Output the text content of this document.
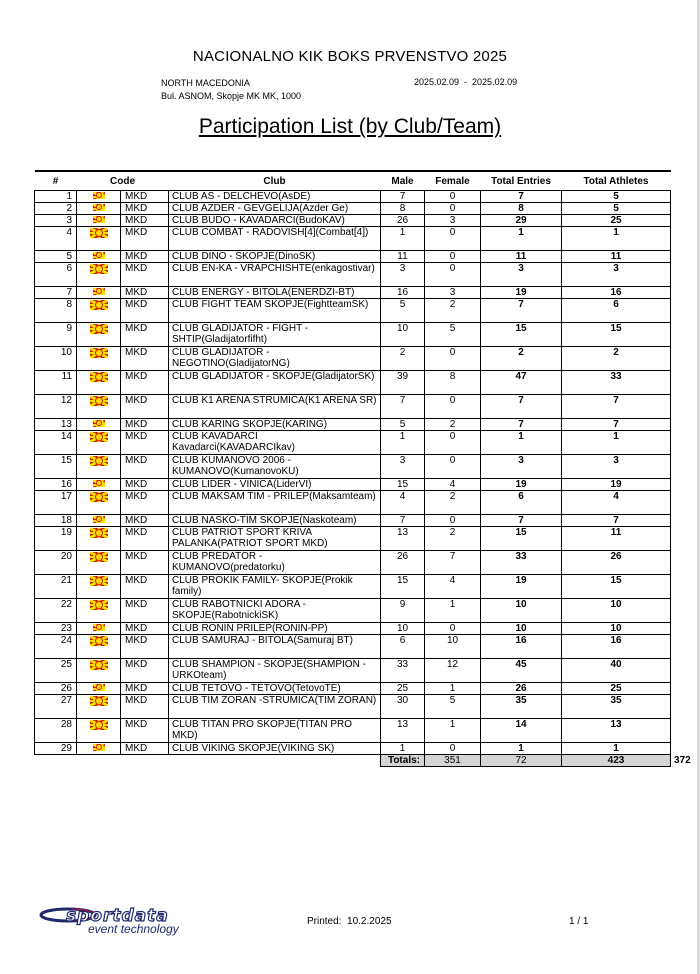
NACIONALNO KIK BOKS PRVENSTVO 2025
NORTH MACEDONIA
Bul. ASNOM, Skopje MK MK, 1000
2025.02.09  -  2025.02.09
Participation List (by Club/Team)
#	Code		Club	Male	Female	Total Entries	Total Athletes	
1		MKD	CLUB AS - DELCHEVO(AsDE)	7	0	7	5	
2		MKD	CLUB AZDER - GEVGELIJA(Azder Ge)	8	0	8	5	
3		MKD	CLUB BUDO - KAVADARCI(BudoKAV)	26	3	29	25	
4		MKD	CLUB COMBAT - RADOVISH[4](Combat[4])	1	0	1	1	
5		MKD	CLUB DINO - SKOPJE(DinoSK)	11	0	11	11	
6		MKD	CLUB EN-KA - VRAPCHISHTE(enkagostivar)	3	0	3	3	
7		MKD	CLUB ENERGY - BITOLA(ENERDZI-BT)	16	3	19	16	
8		MKD	CLUB FIGHT TEAM SKOPJE(FightteamSK)	5	2	7	6	
9		MKD	CLUB GLADIJATOR - FIGHT - SHTIP(Gladijatorfifht)	10	5	15	15	
10		MKD	CLUB GLADIJATOR - NEGOTINO(GladijatorNG)	2	0	2	2	
11		MKD	CLUB GLADIJATOR - SKOPJE(GladijatorSK)	39	8	47	33	
12		MKD	CLUB K1 ARENA STRUMICA(K1 ARENA SR)	7	0	7	7	
13		MKD	CLUB KARING SKOPJE(KARING)	5	2	7	7	
14		MKD	CLUB KAVADARCI Kavadarci(KAVADARCIkav)	1	0	1	1	
15		MKD	CLUB KUMANOVO 2006 - KUMANOVO(KumanovoKU)	3	0	3	3	
16		MKD	CLUB LIDER - VINICA(LiderVI)	15	4	19	19	
17		MKD	CLUB MAKSAM TIM - PRILEP(Maksamteam)	4	2	6	4	
18		MKD	CLUB NASKO-TIM SKOPJE(Naskoteam)	7	0	7	7	
19		MKD	CLUB PATRIOT SPORT KRIVA PALANKA(PATRIOT SPORT MKD)	13	2	15	11	
20		MKD	CLUB PREDATOR - KUMANOVO(predatorku)	26	7	33	26	
21		MKD	CLUB PROKIK FAMILY- SKOPJE(Prokik family)	15	4	19	15	
22		MKD	CLUB RABOTNICKI ADORA - SKOPJE(RabotnickiSK)	9	1	10	10	
23		MKD	CLUB RONIN PRILEP(RONIN-PP)	10	0	10	10	
24		MKD	CLUB SAMURAJ - BITOLA(Samuraj BT)	6	10	16	16	
25		MKD	CLUB SHAMPION - SKOPJE(SHAMPION - URKOteam)	33	12	45	40	
26		MKD	CLUB TETOVO - TETOVO(TetovoTE)	25	1	26	25	
27		MKD	CLUB TIM ZORAN -STRUMICA(TIM ZORAN)	30	5	35	35	
28		MKD	CLUB TITAN PRO SKOPJE(TITAN PRO MKD)	13	1	14	13	
29		MKD	CLUB VIKING SKOPJE(VIKING SK)	1	0	1	1	
				Totals:	351	72	423	372
sportdata
event technology
Printed:  10.2.2025	1 / 1
